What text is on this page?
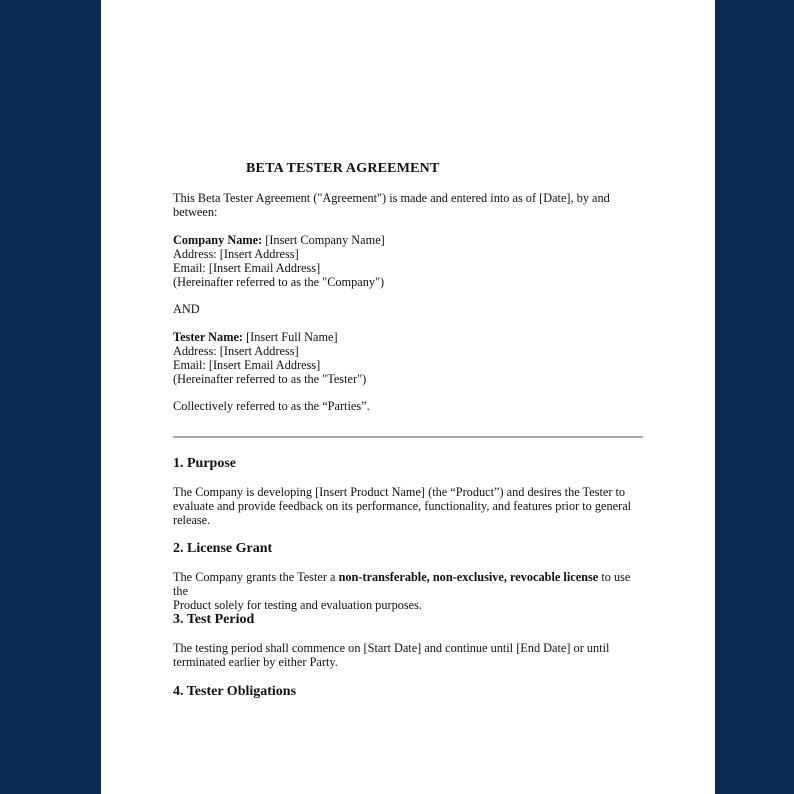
BETA TESTER AGREEMENT

This Beta Tester Agreement ("Agreement") is made and entered into as of [Date], by and

between:

Company Name: [Insert Company Name]

Address: [Insert Address]

Email: [Insert Email Address]

(Hereinafter referred to as the "Company")

AND

Tester Name: [Insert Full Name]

Address: [Insert Address]

Email: [Insert Email Address]

(Hereinafter referred to as the "Tester")

Collectively referred to as the “Parties”.

1. Purpose

The Company is developing [Insert Product Name] (the “Product”) and desires the Tester to

evaluate and provide feedback on its performance, functionality, and features prior to general

release.

2. License Grant

The Company grants the Tester a non-transferable, non-exclusive, revocable license to use the

Product solely for testing and evaluation purposes.

3. Test Period

The testing period shall commence on [Start Date] and continue until [End Date] or until

terminated earlier by either Party.

4. Tester Obligations
